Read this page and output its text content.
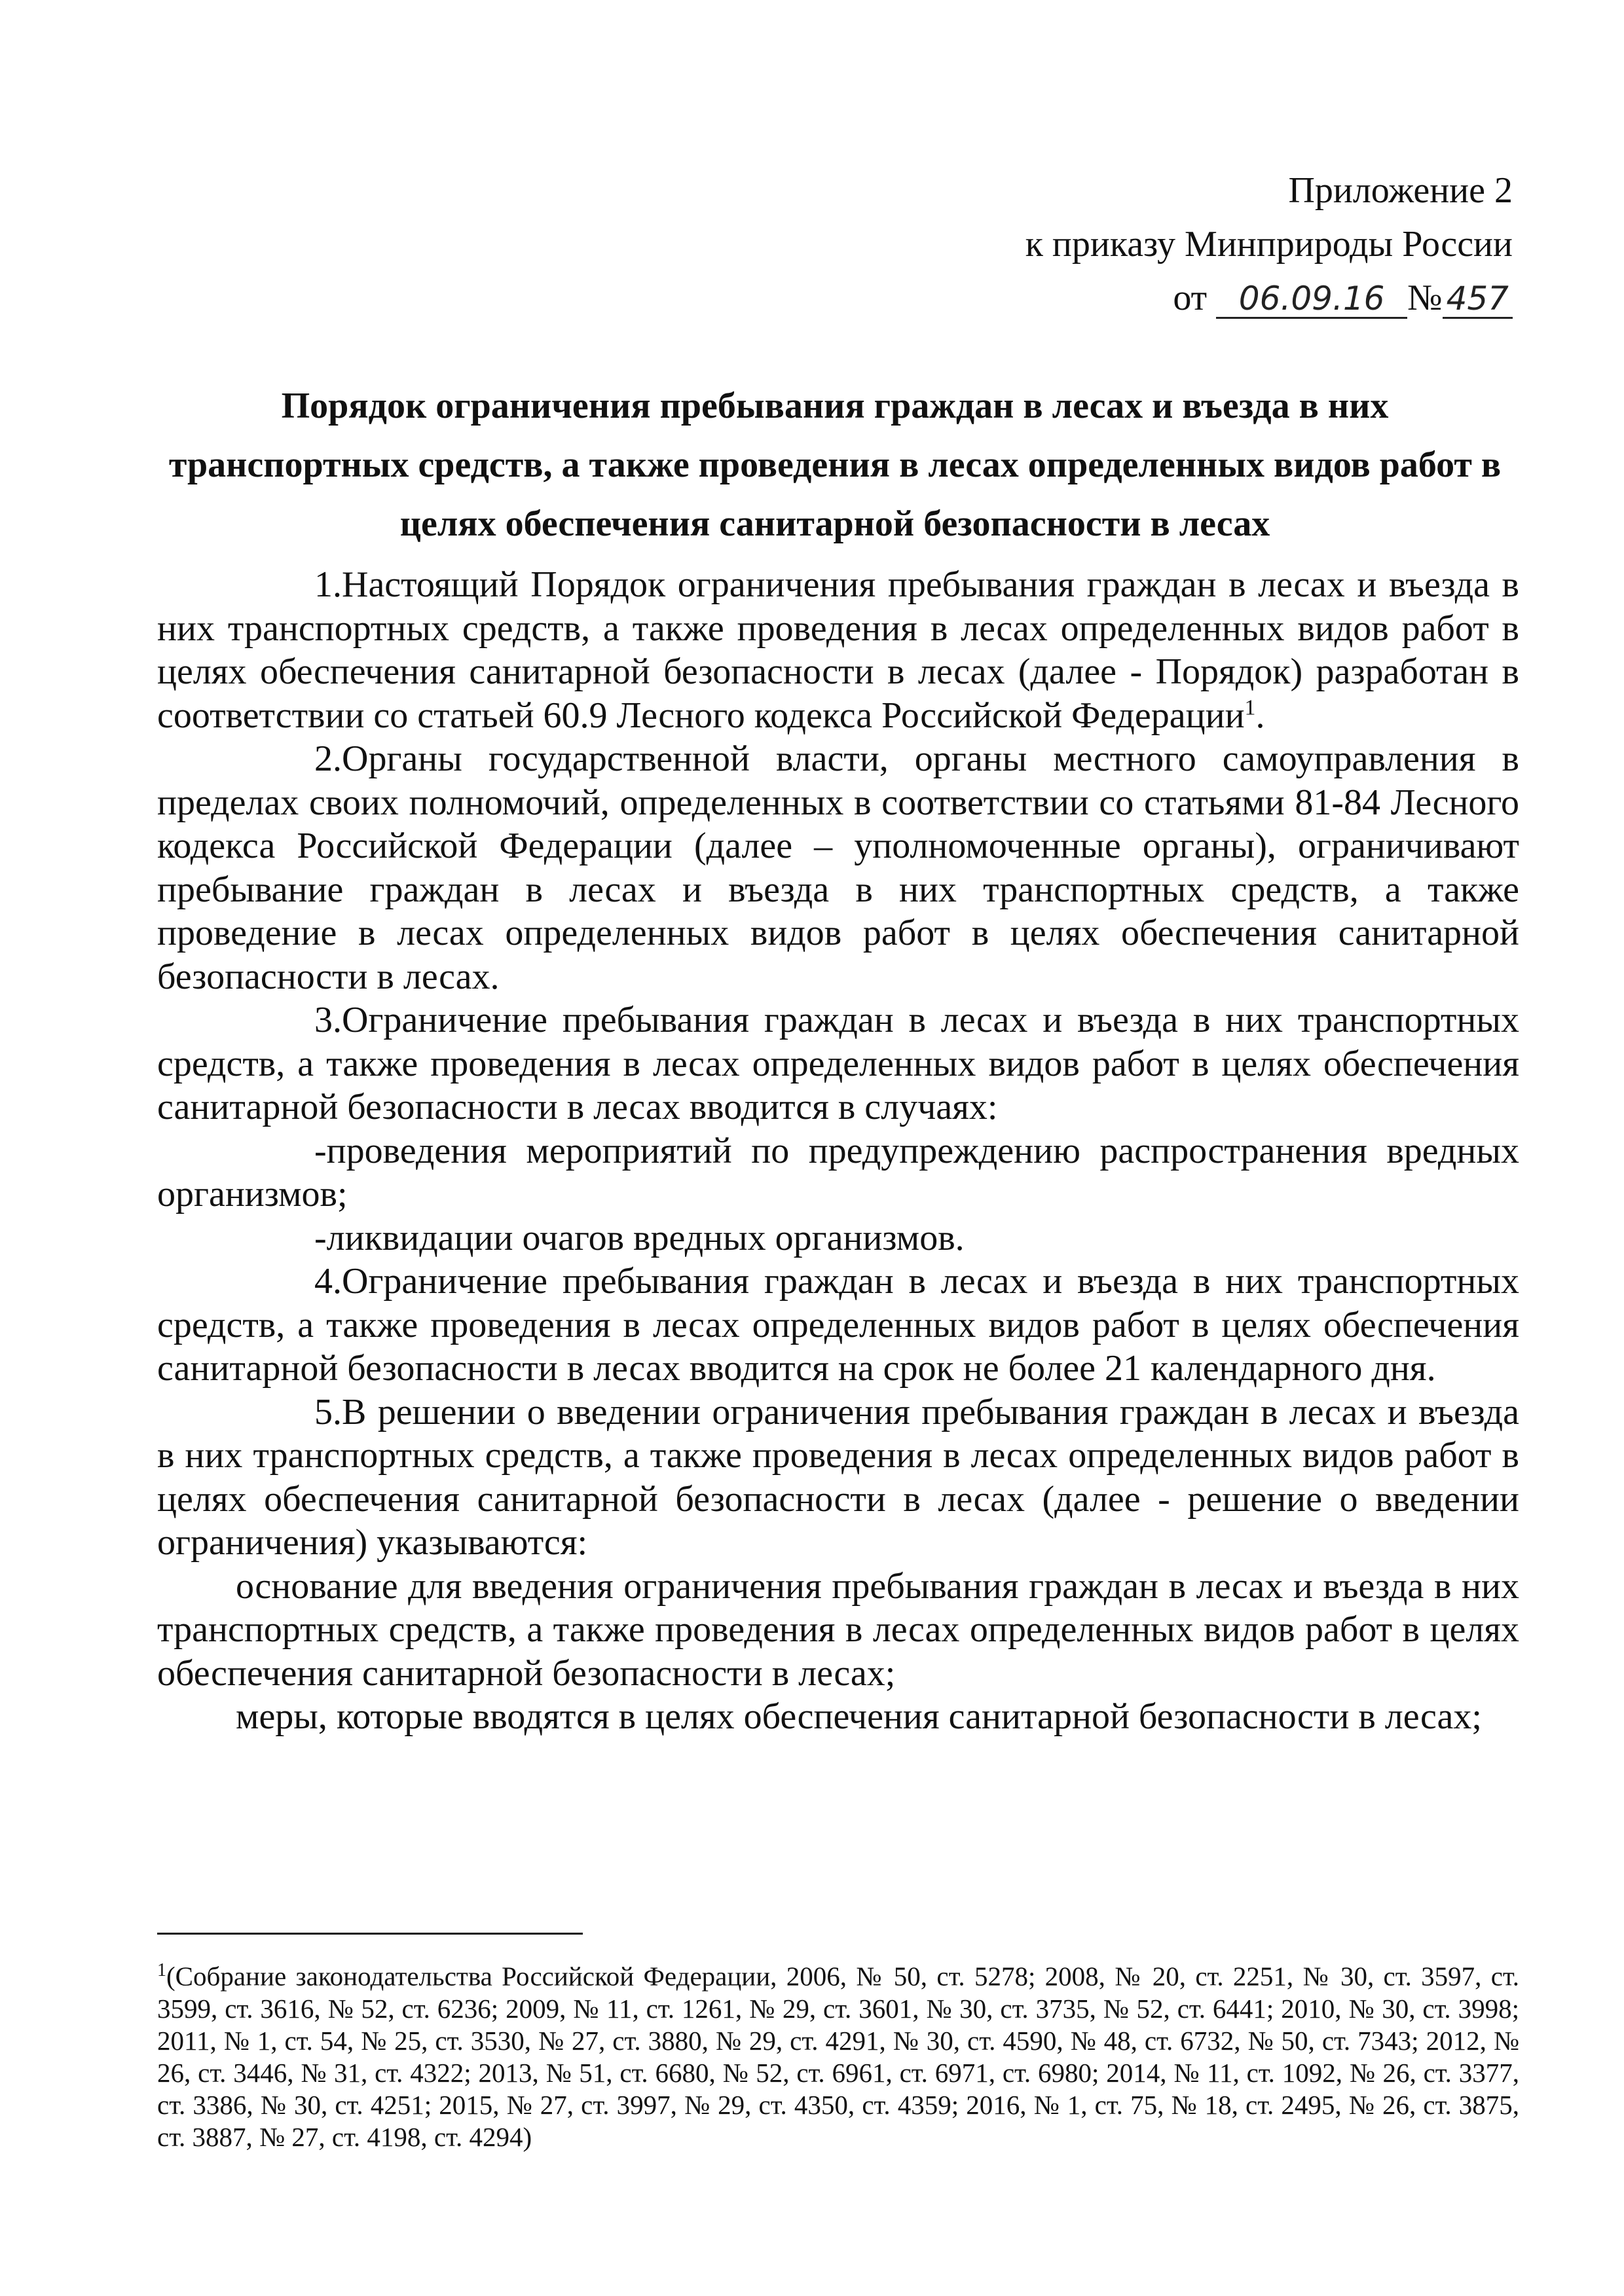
Приложение 2
к приказу Минприроды России
от 06.09.16 № 457
Порядок ограничения пребывания граждан в лесах и въезда в них
транспортных средств, а также проведения в лесах определенных видов работ в
целях обеспечения санитарной безопасности в лесах

1.Настоящий Порядок ограничения пребывания граждан в лесах и въезда в них транспортных средств, а также проведения в лесах определенных видов работ в целях обеспечения санитарной безопасности в лесах (далее - Порядок) разработан в соответствии со статьей 60.9 Лесного кодекса Российской Федерации$^1$.

2.Органы государственной власти, органы местного самоуправления в пределах своих полномочий, определенных в соответствии со статьями 81-84 Лесного кодекса Российской Федерации (далее – уполномоченные органы), ограничивают пребывание граждан в лесах и въезда в них транспортных средств, а также проведение в лесах определенных видов работ в целях обеспечения санитарной безопасности в лесах.

3.Ограничение пребывания граждан в лесах и въезда в них транспортных средств, а также проведения в лесах определенных видов работ в целях обеспечения санитарной безопасности в лесах вводится в случаях:

-проведения мероприятий по предупреждению распространения вредных организмов;

-ликвидации очагов вредных организмов.

4.Ограничение пребывания граждан в лесах и въезда в них транспортных средств, а также проведения в лесах определенных видов работ в целях обеспечения санитарной безопасности в лесах вводится на срок не более 21 календарного дня.

5.В решении о введении ограничения пребывания граждан в лесах и въезда в них транспортных средств, а также проведения в лесах определенных видов работ в целях обеспечения санитарной безопасности в лесах (далее - решение о введении ограничения) указываются:

основание для введения ограничения пребывания граждан в лесах и въезда в них транспортных средств, а также проведения в лесах определенных видов работ в целях обеспечения санитарной безопасности в лесах;

меры, которые вводятся в целях обеспечения санитарной безопасности в лесах;

$^1$(Собрание законодательства Российской Федерации, 2006, № 50, ст. 5278; 2008, № 20, ст. 2251, № 30, ст. 3597, ст. 3599, ст. 3616, № 52, ст. 6236; 2009, № 11, ст. 1261, № 29, ст. 3601, № 30, ст. 3735, № 52, ст. 6441; 2010, № 30, ст. 3998; 2011, № 1, ст. 54, № 25, ст. 3530, № 27, ст. 3880, № 29, ст. 4291, № 30, ст. 4590, № 48, ст. 6732, № 50, ст. 7343; 2012, № 26, ст. 3446, № 31, ст. 4322; 2013, № 51, ст. 6680, № 52, ст. 6961, ст. 6971, ст. 6980; 2014, № 11, ст. 1092, № 26, ст. 3377, ст. 3386, № 30, ст. 4251; 2015, № 27, ст. 3997, № 29, ст. 4350, ст. 4359; 2016, № 1, ст. 75, № 18, ст. 2495, № 26, ст. 3875, ст. 3887, № 27, ст. 4198, ст. 4294)
